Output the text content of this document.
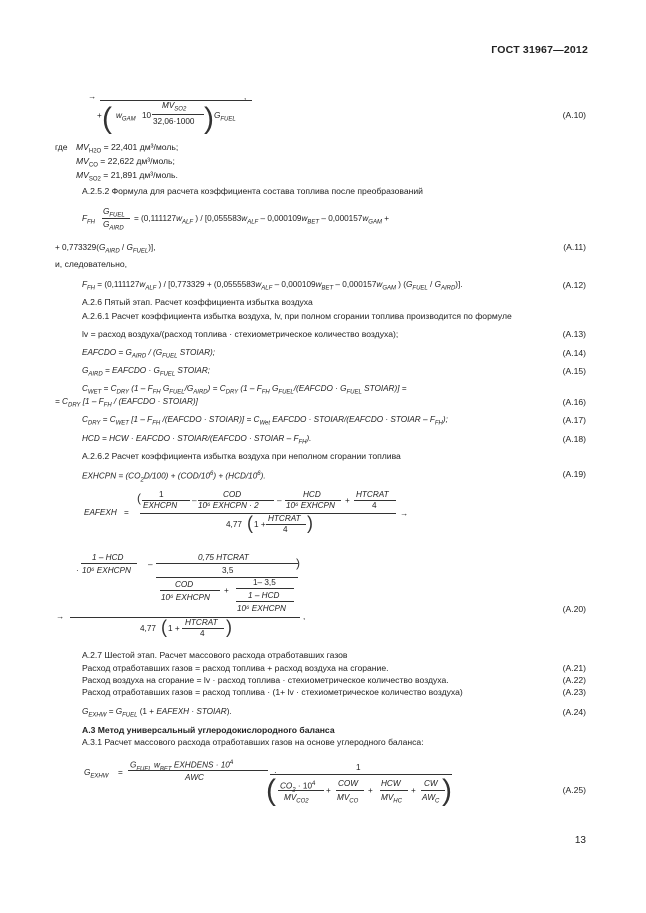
ГОСТ 31967—2012
13
→	,
+ ( $w_{GAM}$ 10
$MV_{SO2}$
32,06·1000 ) $G_{FUEL}$	(A.10)
где $MV_{H2O} = 22,401$ дм³/моль;
$MV_{CO} = 22,622$ дм³/моль;
$MV_{SO2} = 21,891$ дм³/моль.
А.2.5.2 Формула для расчета коэффициента состава топлива после преобразований
$F_{FH}$
$G_{FUEL}$
$G_{AIRD}$
= ($0,111127w_{ALF}$ ) / [$0,055583w_{ALF} - 0,000109w_{BET} - 0,000157w_{GAM}$ +
+ $0,773329(G_{AIRD} / G_{FUEL})$],	(A.11)
и, следовательно,
$F_{FH} = (0,111127w_{ALF}$ ) / [$0,773329 + (0,0555583w_{ALF} - 0,000109w_{BET} - 0,000157w_{GAM}$ ) $(G_{FUEL} / G_{AIRD})$].	(A.12)
А.2.6 Пятый этап. Расчет коэффициента избытка воздуха
А.2.6.1 Расчет коэффициента избытка воздуха, lv, при полном сгорании топлива производится по формуле
lv = расход воздуха/(расход топлива · стехиометрическое количество воздуха);	(A.13)
EAFCDO = $G_{AIRD} / (G_{FUEL}$ STOIAR);	(A.14)
$G_{AIRD}$ = EAFCDO · $G_{FUEL}$ STOIAR;	(A.15)
$C_{WET} = C_{DRY}$ ($1 - F_{FH}$ $G_{FUEL}/G_{AIRD}) = C_{DRY}$ ($1 - F_{FH}$ $G_{FUEL}/(EAFCDO \cdot G_{FUEL}$ STOIAR)] =
= $C_{DRY}$ [$1 - F_{FH}$ / (EAFCDO · STOIAR)]	(A.16)
$C_{DRY} = C_{WET}$ [$1 - F_{FH}$ /(EAFCDO · STOIAR)] = $C_{Wet}$ EAFCDO · STOIAR/(EAFCDO · STOIAR – $F_{FH}$);	(A.17)
HCD = HCW · EAFCDO · STOIAR/(EAFCDO · STOIAR – $F_{FH}$).	(A.18)
А.2.6.2 Расчет коэффициента избытка воздуха при неполном сгорании топлива
EXHCPN = $(CO_2D/100) + (COD/10^6) + (HCD/10^6)$.	(A.19)
EAFEXH =
( 1
EXHCPN
–
COD
10⁶ EXHCPN · 2
–
HCD
10⁶ EXHCPN
+
HTCRAT
4
→
4,77 ( 1 +
HTCRAT
4 )
·
1 – HCD
10⁶ EXHCPN
–
0,75 HTCRAT
3,5
COD
10⁶ EXHCPN
+
1– 3,5
1 – HCD
10⁶ EXHCPN
)
→	,
4,77 ( 1 +
HTCRAT
4 )
(A.20)
А.2.7 Шестой этап. Расчет массового расхода отработавших газов
Расход отработавших газов = расход топлива + расход воздуха на сгорание.	(A.21)
Расход воздуха на сгорание = lv · расход топлива · стехиометрическое количество воздуха.	(A.22)
Расход отработавших газов = расход топлива · (1+ lv · стехиометрическое количество воздуха)	(A.23)
$G_{EXHW} = G_{FUEL}$ (1 + EAFEXH · STOIAR).	(A.24)
А.3 Метод универсальный углеродокислородного баланса
А.3.1 Расчет массового расхода отработавших газов на основе углеродного баланса:
$G_{EXHW}$ =
$G_{FUEL}$ $w_{BET}$ EXHDENS · $10^4$
AWC
·
1
.
( $CO_2 \cdot 10^4$
$MV_{CO2}$
+
COW
$MV_{CO}$
+
HCW
$MV_{HC}$
+
CW
$AW_C$ )	(A.25)
